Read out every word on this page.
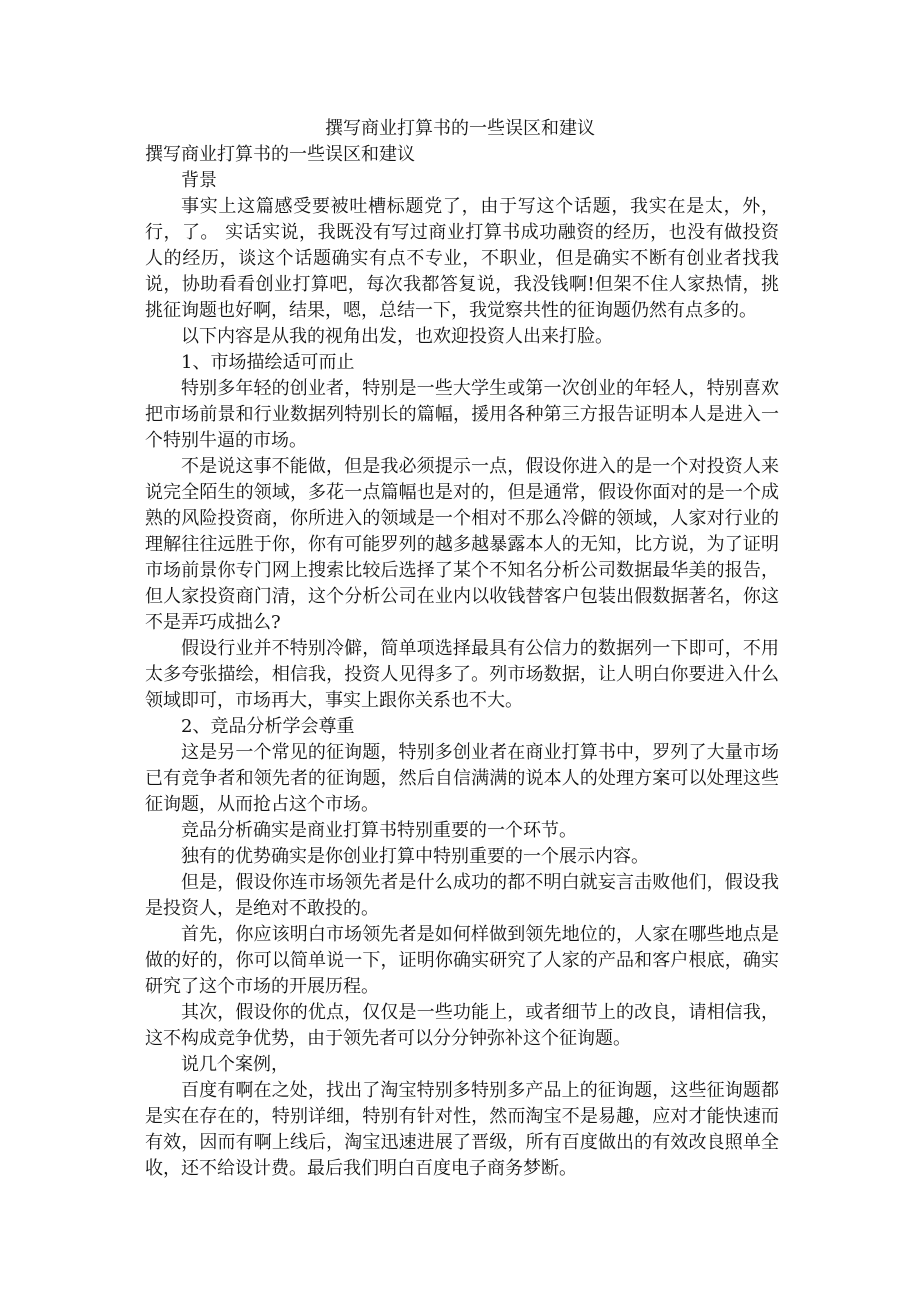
撰写商业打算书的一些误区和建议

撰写商业打算书的一些误区和建议

背景

事实上这篇感受要被吐槽标题党了，由于写这个话题，我实在是太，外，行，了。 实话实说，我既没有写过商业打算书成功融资的经历，也没有做投资人的经历，谈这个话题确实有点不专业，不职业，但是确实不断有创业者找我说，协助看看创业打算吧，每次我都答复说，我没钱啊!但架不住人家热情，挑挑征询题也好啊，结果，嗯，总结一下，我觉察共性的征询题仍然有点多的。

以下内容是从我的视角出发，也欢迎投资人出来打脸。

1、市场描绘适可而止

特别多年轻的创业者，特别是一些大学生或第一次创业的年轻人，特别喜欢把市场前景和行业数据列特别长的篇幅，援用各种第三方报告证明本人是进入一个特别牛逼的市场。

不是说这事不能做，但是我必须提示一点，假设你进入的是一个对投资人来说完全陌生的领域，多花一点篇幅也是对的，但是通常，假设你面对的是一个成熟的风险投资商，你所进入的领域是一个相对不那么冷僻的领域，人家对行业的理解往往远胜于你，你有可能罗列的越多越暴露本人的无知，比方说，为了证明市场前景你专门网上搜索比较后选择了某个不知名分析公司数据最华美的报告，但人家投资商门清，这个分析公司在业内以收钱替客户包装出假数据著名，你这不是弄巧成拙么?

假设行业并不特别冷僻，简单项选择最具有公信力的数据列一下即可，不用太多夸张描绘，相信我，投资人见得多了。列市场数据，让人明白你要进入什么领域即可，市场再大，事实上跟你关系也不大。

2、竞品分析学会尊重

这是另一个常见的征询题，特别多创业者在商业打算书中，罗列了大量市场已有竞争者和领先者的征询题，然后自信满满的说本人的处理方案可以处理这些征询题，从而抢占这个市场。

竞品分析确实是商业打算书特别重要的一个环节。

独有的优势确实是你创业打算中特别重要的一个展示内容。

但是，假设你连市场领先者是什么成功的都不明白就妄言击败他们，假设我是投资人，是绝对不敢投的。

首先，你应该明白市场领先者是如何样做到领先地位的，人家在哪些地点是做的好的，你可以简单说一下，证明你确实研究了人家的产品和客户根底，确实研究了这个市场的开展历程。

其次，假设你的优点，仅仅是一些功能上，或者细节上的改良，请相信我，这不构成竞争优势，由于领先者可以分分钟弥补这个征询题。

说几个案例，

百度有啊在之处，找出了淘宝特别多特别多产品上的征询题，这些征询题都是实在存在的，特别详细，特别有针对性，然而淘宝不是易趣，应对才能快速而有效，因而有啊上线后，淘宝迅速进展了晋级，所有百度做出的有效改良照单全收，还不给设计费。最后我们明白百度电子商务梦断。
